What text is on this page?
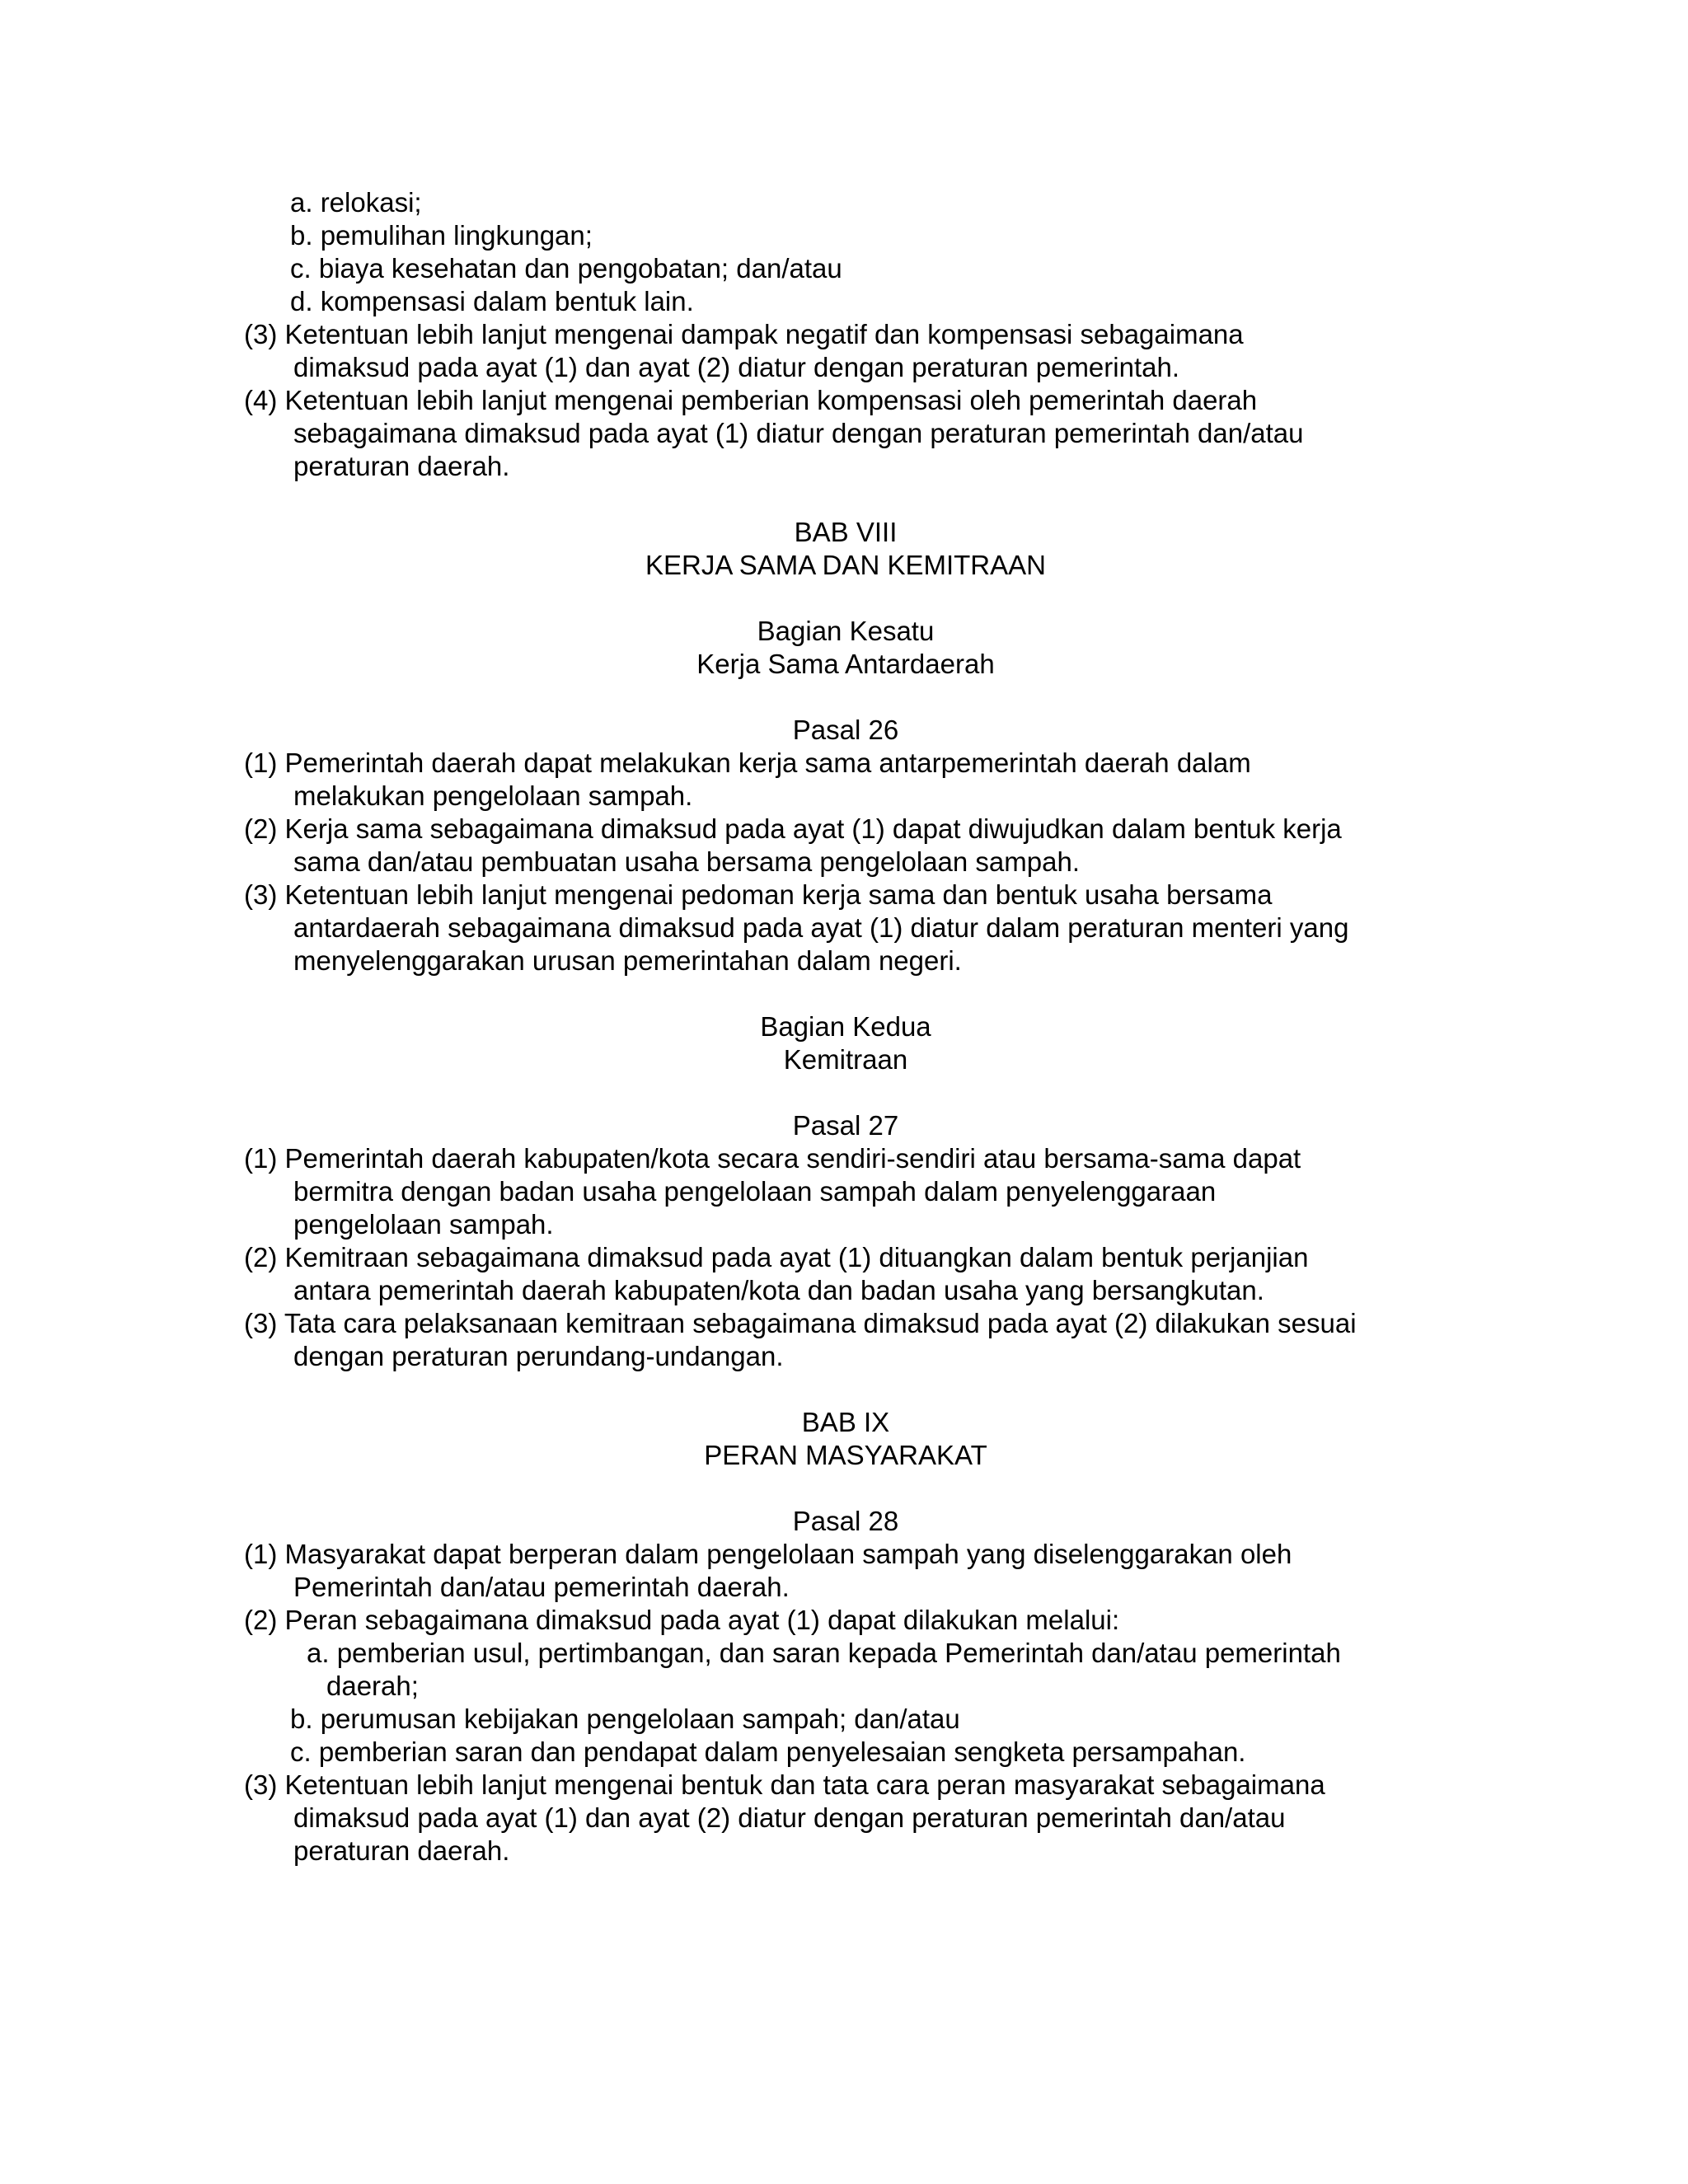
a. relokasi;
b. pemulihan lingkungan;
c. biaya kesehatan dan pengobatan; dan/atau
d. kompensasi dalam bentuk lain.
(3) Ketentuan lebih lanjut mengenai dampak negatif dan kompensasi sebagaimana
dimaksud pada ayat (1) dan ayat (2) diatur dengan peraturan pemerintah.
(4) Ketentuan lebih lanjut mengenai pemberian kompensasi oleh pemerintah daerah
sebagaimana dimaksud pada ayat (1) diatur dengan peraturan pemerintah dan/atau
peraturan daerah.
BAB VIII
KERJA SAMA DAN KEMITRAAN
Bagian Kesatu
Kerja Sama Antardaerah
Pasal 26
(1) Pemerintah daerah dapat melakukan kerja sama antarpemerintah daerah dalam
melakukan pengelolaan sampah.
(2) Kerja sama sebagaimana dimaksud pada ayat (1) dapat diwujudkan dalam bentuk kerja
sama dan/atau pembuatan usaha bersama pengelolaan sampah.
(3) Ketentuan lebih lanjut mengenai pedoman kerja sama dan bentuk usaha bersama
antardaerah sebagaimana dimaksud pada ayat (1) diatur dalam peraturan menteri yang
menyelenggarakan urusan pemerintahan dalam negeri.
Bagian Kedua
Kemitraan
Pasal 27
(1) Pemerintah daerah kabupaten/kota secara sendiri-sendiri atau bersama-sama dapat
bermitra dengan badan usaha pengelolaan sampah dalam penyelenggaraan
pengelolaan sampah.
(2) Kemitraan sebagaimana dimaksud pada ayat (1) dituangkan dalam bentuk perjanjian
antara pemerintah daerah kabupaten/kota dan badan usaha yang bersangkutan.
(3) Tata cara pelaksanaan kemitraan sebagaimana dimaksud pada ayat (2) dilakukan sesuai
dengan peraturan perundang-undangan.
BAB IX
PERAN MASYARAKAT
Pasal 28
(1) Masyarakat dapat berperan dalam pengelolaan sampah yang diselenggarakan oleh
Pemerintah dan/atau pemerintah daerah.
(2) Peran sebagaimana dimaksud pada ayat (1) dapat dilakukan melalui:
a. pemberian usul, pertimbangan, dan saran kepada Pemerintah dan/atau pemerintah
daerah;
b. perumusan kebijakan pengelolaan sampah; dan/atau
c. pemberian saran dan pendapat dalam penyelesaian sengketa persampahan.
(3) Ketentuan lebih lanjut mengenai bentuk dan tata cara peran masyarakat sebagaimana
dimaksud pada ayat (1) dan ayat (2) diatur dengan peraturan pemerintah dan/atau
peraturan daerah.
